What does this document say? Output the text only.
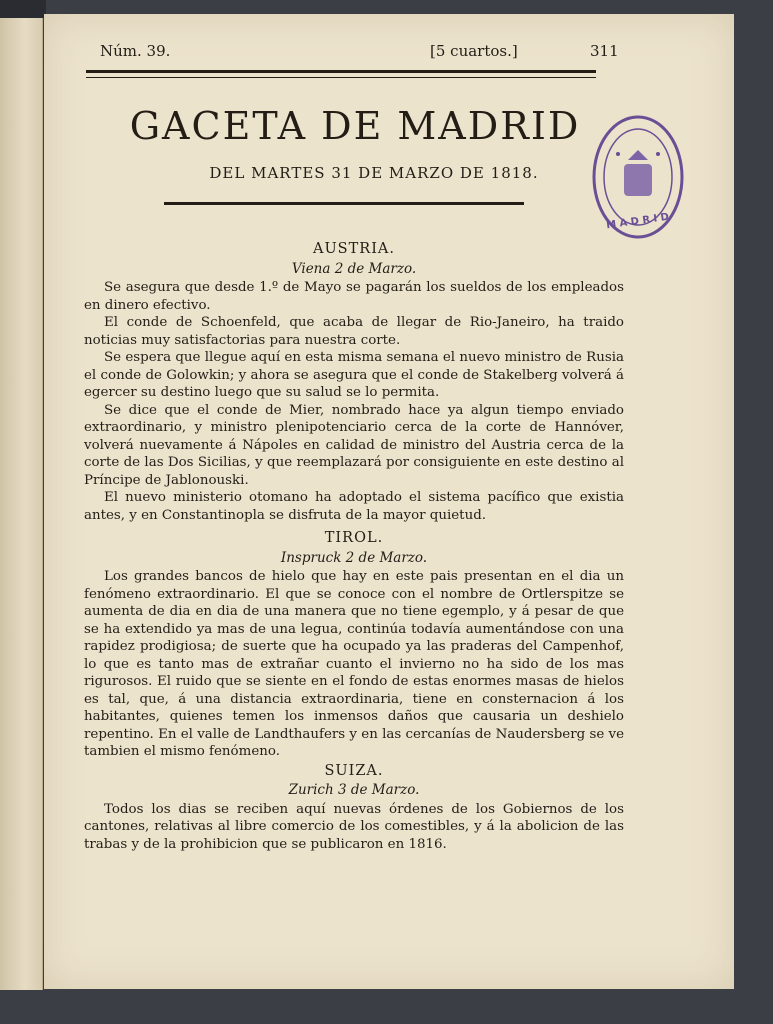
Núm. 39.	[5 cuartos.]	311
GACETA DE MADRID
DEL MARTES 31 DE MARZO DE 1818.
M A D R I D
AUSTRIA.
Viena 2 de Marzo.

Se asegura que desde 1.º de Mayo se pagarán los sueldos de los empleados en dinero efectivo.

El conde de Schoenfeld, que acaba de llegar de Rio-Janeiro, ha traido noticias muy satisfactorias para nuestra corte.

Se espera que llegue aquí en esta misma semana el nuevo ministro de Rusia el conde de Golowkin; y ahora se asegura que el conde de Stakelberg volverá á egercer su destino luego que su salud se lo permita.

Se dice que el conde de Mier, nombrado hace ya algun tiempo enviado extraordinario, y ministro plenipotenciario cerca de la corte de Hannóver, volverá nuevamente á Nápoles en calidad de ministro del Austria cerca de la corte de las Dos Sicilias, y que reemplazará por consiguiente en este destino al Príncipe de Jablonouski.

El nuevo ministerio otomano ha adoptado el sistema pacífico que existia antes, y en Constantinopla se disfruta de la mayor quietud.

TIROL.
Inspruck 2 de Marzo.

Los grandes bancos de hielo que hay en este pais presentan en el dia un fenómeno extraordinario. El que se conoce con el nombre de Ortlerspitze se aumenta de dia en dia de una manera que no tiene egemplo, y á pesar de que se ha extendido ya mas de una legua, continúa todavía aumentándose con una rapidez prodigiosa; de suerte que ha ocupado ya las praderas del Campenhof, lo que es tanto mas de extrañar cuanto el invierno no ha sido de los mas rigurosos. El ruido que se siente en el fondo de estas enormes masas de hielos es tal, que, á una distancia extraordinaria, tiene en consternacion á los habitantes, quienes temen los inmensos daños que causaria un deshielo repentino. En el valle de Landthaufers y en las cercanías de Naudersberg se ve tambien el mismo fenómeno.

SUIZA.
Zurich 3 de Marzo.

Todos los dias se reciben aquí nuevas órdenes de los Gobiernos de los cantones, relativas al libre comercio de los comestibles, y á la abolicion de las trabas y de la prohibicion que se publicaron en 1816.
